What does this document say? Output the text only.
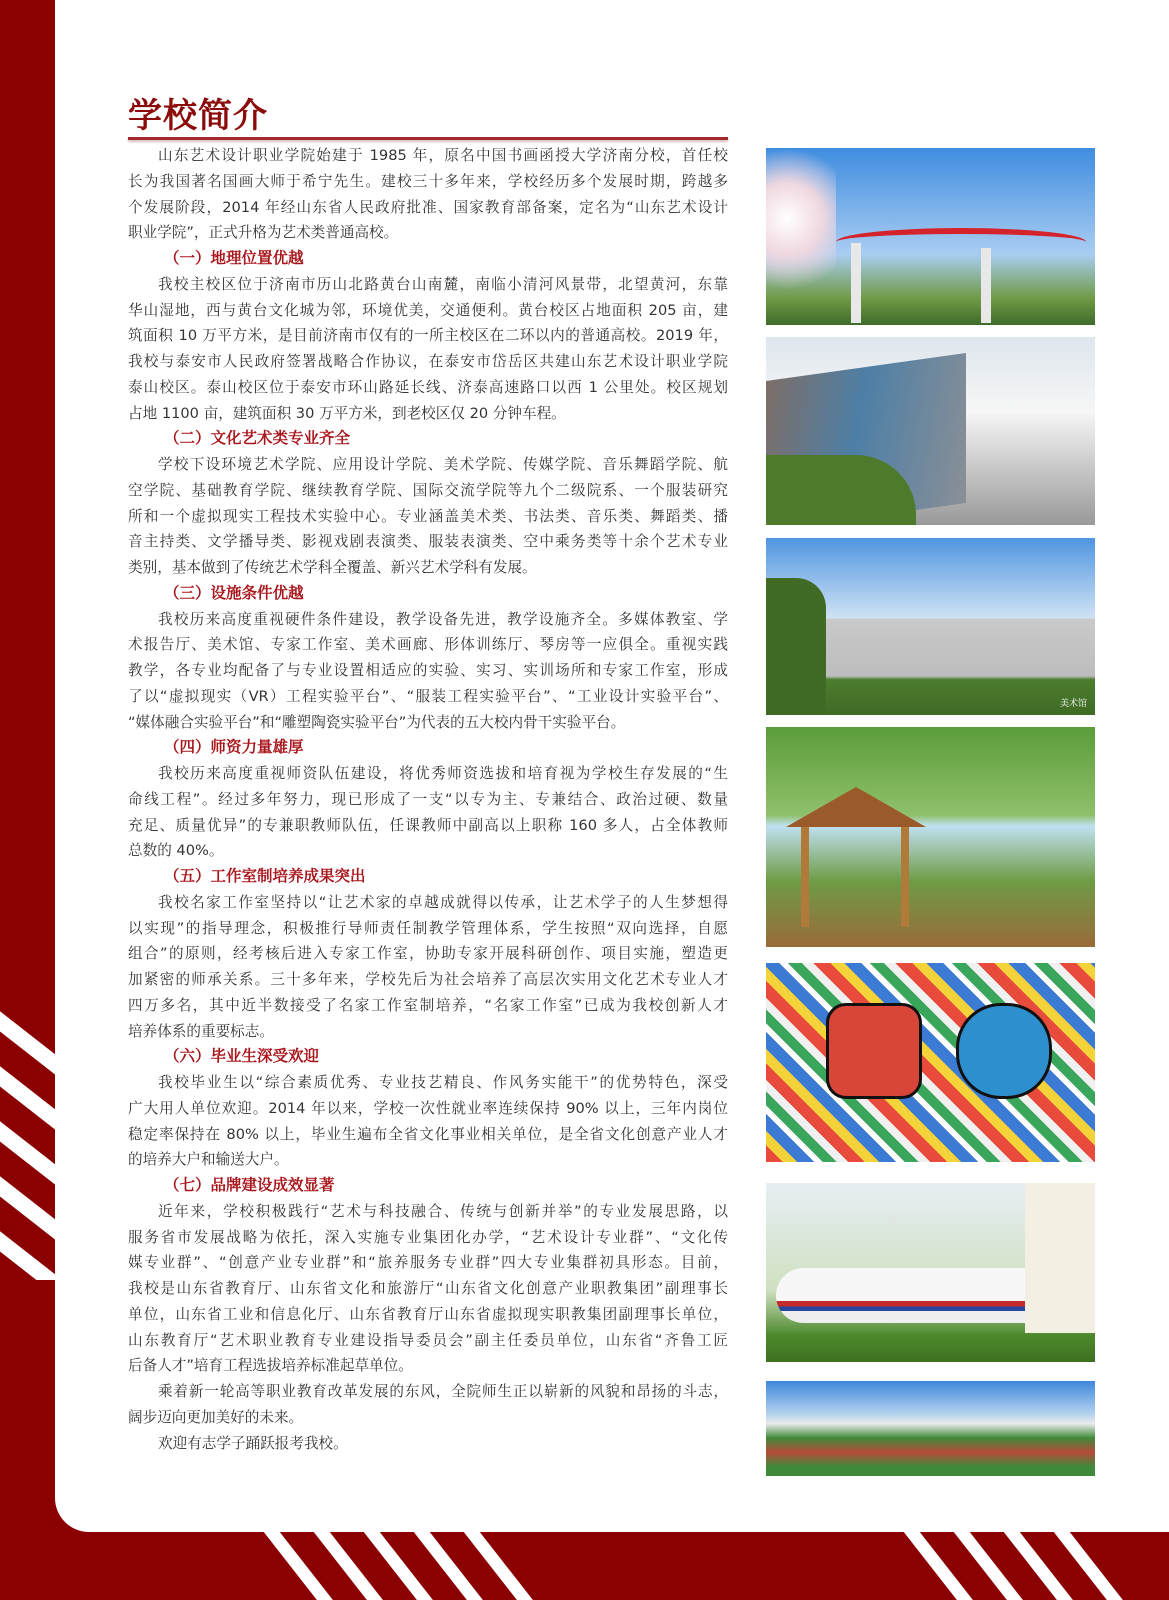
学校简介
山东艺术设计职业学院始建于 1985 年，原名中国书画函授大学济南分校，首任校
长为我国著名国画大师于希宁先生。建校三十多年来，学校经历多个发展时期，跨越多
个发展阶段，2014 年经山东省人民政府批准、国家教育部备案，定名为“山东艺术设计
职业学院”，正式升格为艺术类普通高校。
（一）地理位置优越
我校主校区位于济南市历山北路黄台山南麓，南临小清河风景带，北望黄河，东靠
华山湿地，西与黄台文化城为邻，环境优美，交通便利。黄台校区占地面积 205 亩，建
筑面积 10 万平方米，是目前济南市仅有的一所主校区在二环以内的普通高校。2019 年，
我校与泰安市人民政府签署战略合作协议，在泰安市岱岳区共建山东艺术设计职业学院
泰山校区。泰山校区位于泰安市环山路延长线、济泰高速路口以西 1 公里处。校区规划
占地 1100 亩，建筑面积 30 万平方米，到老校区仅 20 分钟车程。
（二）文化艺术类专业齐全
学校下设环境艺术学院、应用设计学院、美术学院、传媒学院、音乐舞蹈学院、航
空学院、基础教育学院、继续教育学院、国际交流学院等九个二级院系、一个服装研究
所和一个虚拟现实工程技术实验中心。专业涵盖美术类、书法类、音乐类、舞蹈类、播
音主持类、文学播导类、影视戏剧表演类、服装表演类、空中乘务类等十余个艺术专业
类别，基本做到了传统艺术学科全覆盖、新兴艺术学科有发展。
（三）设施条件优越
我校历来高度重视硬件条件建设，教学设备先进，教学设施齐全。多媒体教室、学
术报告厅、美术馆、专家工作室、美术画廊、形体训练厅、琴房等一应俱全。重视实践
教学，各专业均配备了与专业设置相适应的实验、实习、实训场所和专家工作室，形成
了以“虚拟现实（VR）工程实验平台”、“服装工程实验平台”、“工业设计实验平台”、
“媒体融合实验平台”和“雕塑陶瓷实验平台”为代表的五大校内骨干实验平台。
（四）师资力量雄厚
我校历来高度重视师资队伍建设，将优秀师资选拔和培育视为学校生存发展的“生
命线工程”。经过多年努力，现已形成了一支“以专为主、专兼结合、政治过硬、数量
充足、质量优异”的专兼职教师队伍，任课教师中副高以上职称 160 多人，占全体教师
总数的 40%。
（五）工作室制培养成果突出
我校名家工作室坚持以“让艺术家的卓越成就得以传承，让艺术学子的人生梦想得
以实现”的指导理念，积极推行导师责任制教学管理体系，学生按照“双向选择，自愿
组合”的原则，经考核后进入专家工作室，协助专家开展科研创作、项目实施，塑造更
加紧密的师承关系。三十多年来，学校先后为社会培养了高层次实用文化艺术专业人才
四万多名，其中近半数接受了名家工作室制培养，“名家工作室”已成为我校创新人才
培养体系的重要标志。
（六）毕业生深受欢迎
我校毕业生以“综合素质优秀、专业技艺精良、作风务实能干”的优势特色，深受
广大用人单位欢迎。2014 年以来，学校一次性就业率连续保持 90% 以上，三年内岗位
稳定率保持在 80% 以上，毕业生遍布全省文化事业相关单位，是全省文化创意产业人才
的培养大户和输送大户。
（七）品牌建设成效显著
近年来，学校积极践行“艺术与科技融合、传统与创新并举”的专业发展思路，以
服务省市发展战略为依托，深入实施专业集团化办学，“艺术设计专业群”、“文化传
媒专业群”、“创意产业专业群”和“旅养服务专业群”四大专业集群初具形态。目前，
我校是山东省教育厅、山东省文化和旅游厅“山东省文化创意产业职教集团”副理事长
单位，山东省工业和信息化厅、山东省教育厅山东省虚拟现实职教集团副理事长单位，
山东教育厅“艺术职业教育专业建设指导委员会”副主任委员单位，山东省“齐鲁工匠
后备人才”培育工程选拔培养标准起草单位。
乘着新一轮高等职业教育改革发展的东风，全院师生正以崭新的风貌和昂扬的斗志，
阔步迈向更加美好的未来。
欢迎有志学子踊跃报考我校。
美术馆
